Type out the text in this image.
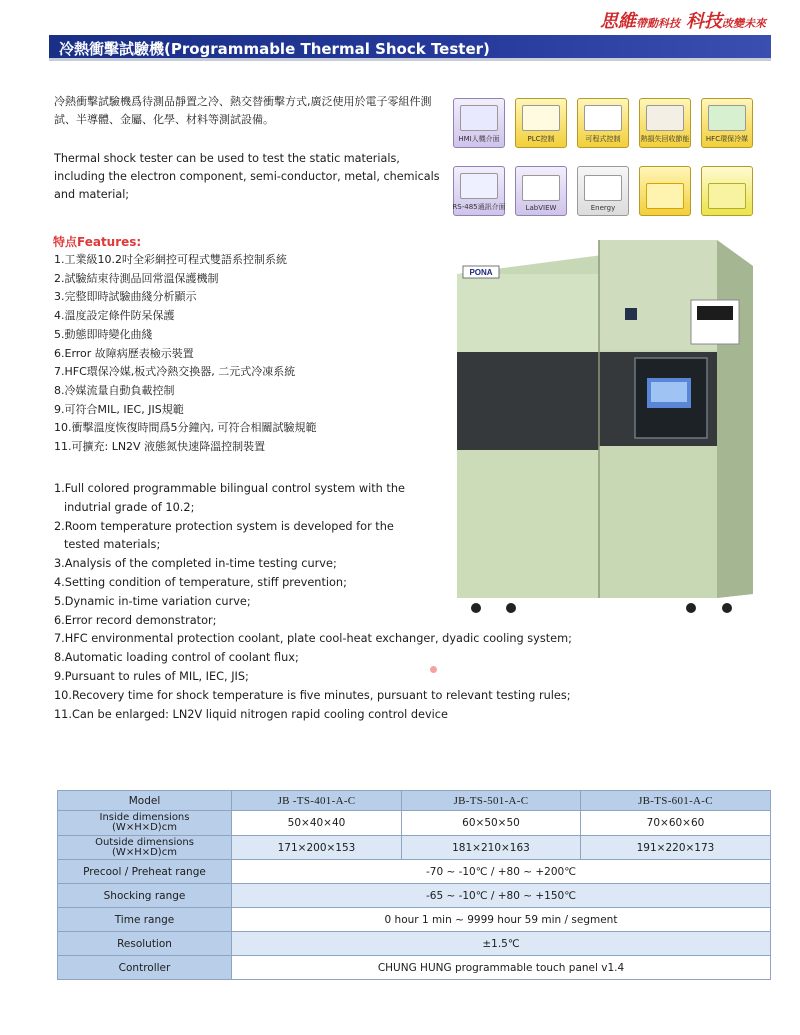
思維帶動科技 科技改變未來
冷熱衝擊試驗機(Programmable Thermal Shock Tester)

冷熱衝擊試驗機爲待測品靜置之冷、熱交替衝擊方式,廣泛使用於電子零組件測試、半導體、金屬、化學、材料等測試設備。

Thermal shock tester can be used to test the static materials, including the electron component, semi-conductor, metal, chemicals and material;

特点Features:
1.工業級10.2吋全彩網控可程式雙語系控制系統
2.試驗結束待測品回常溫保護機制
3.完整即時試驗曲綫分析顯示
4.溫度設定條件防呆保護
5.動態即時變化曲綫
6.Error 故障病歷表檢示裝置
7.HFC環保冷媒,板式冷熱交換器, 二元式冷凍系統
8.冷媒流量自動負載控制
9.可符合MIL, IEC, JIS規範
10.衝擊溫度恢復時間爲5分鐘內, 可符合相關試驗規範
11.可擴充: LN2V 液態氮快速降溫控制裝置
1.Full colored programmable bilingual control system with the
indutrial grade of 10.2;
2.Room temperature protection system is developed for the
tested materials;
3.Analysis of the completed in-time testing curve;
4.Setting condition of temperature, stiff prevention;
5.Dynamic in-time variation curve;
6.Error record demonstrator;
7.HFC environmental protection coolant, plate cool-heat exchanger, dyadic cooling system;
8.Automatic loading control of coolant flux;
9.Pursuant to rules of MIL, IEC, JIS;
10.Recovery time for shock temperature is five minutes, pursuant to relevant testing rules;
11.Can be enlarged: LN2V liquid nitrogen rapid cooling control device
HMI人機介面	PLC控制	可程式控制	熱損失回收節能 HFC環保冷媒
RS-485通訊介面	LabVIEW	Energy
PONA
Model	JB -TS-401-A-C	JB-TS-501-A-C	JB-TS-601-A-C
Inside dimensions
(W×H×D)cm	50×40×40	60×50×50	70×60×60
Outside dimensions
(W×H×D)cm	171×200×153	181×210×163	191×220×173
Precool / Preheat range	-70 ~ -10℃ / +80 ~ +200℃		
Shocking range	-65 ~ -10℃ / +80 ~ +150℃		
Time range	0 hour 1 min ~ 9999 hour 59 min / segment		
Resolution	±1.5℃		
Controller	CHUNG HUNG programmable touch panel v1.4		
